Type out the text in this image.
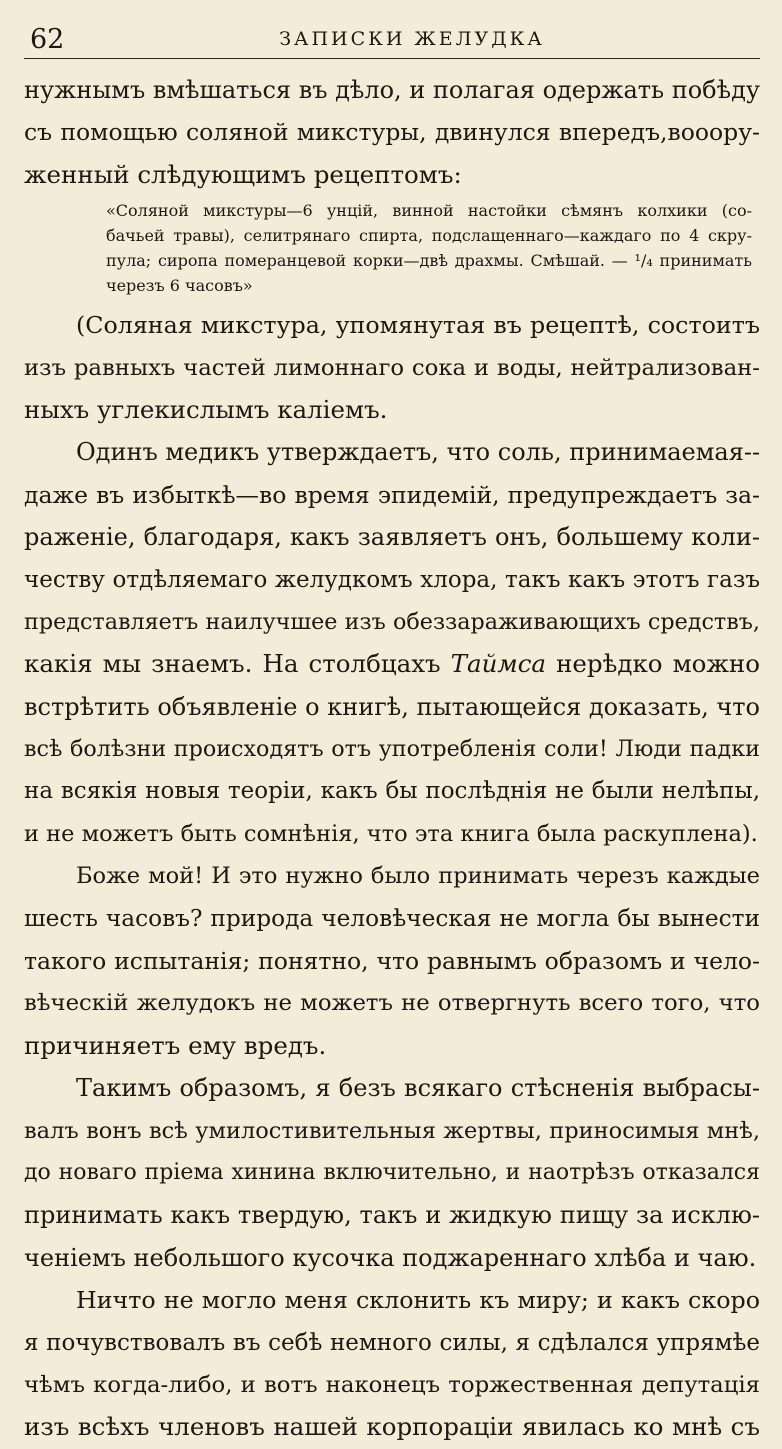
62	ЗАПИСКИ ЖЕЛУДКА
нужнымъ вмѣшаться въ дѣло, и полагая одержать побѣду
съ помощью соляной микстуры, двинулся впередъ,вооору-
женный слѣдующимъ рецептомъ:
«Соляной микстуры—6 унцій, винной настойки сѣмянъ колхики (со-
бачьей травы), селитрянаго спирта, подслащеннаго—каждаго по 4 скру-
пула; сиропа померанцевой корки—двѣ драхмы. Смѣшай. — ¹/₄ принимать
черезъ 6 часовъ»
(Соляная микстура, упомянутая въ рецептѣ, состоитъ
изъ равныхъ частей лимоннаго сока и воды, нейтрализован-
ныхъ углекислымъ каліемъ.
Одинъ медикъ утверждаетъ, что соль, принимаемая--
даже въ избыткѣ—во время эпидемій, предупреждаетъ за-
раженіе, благодаря, какъ заявляетъ онъ, большему коли-
честву отдѣляемаго желудкомъ хлора, такъ какъ этотъ газъ
представляетъ наилучшее изъ обеззараживающихъ средствъ,
какія мы знаемъ. На столбцахъ Таймса нерѣдко можно
встрѣтить объявленіе о книгѣ, пытающейся доказать, что
всѣ болѣзни происходятъ отъ употребленія соли! Люди падки
на всякія новыя теоріи, какъ бы послѣднія не были нелѣпы,
и не можетъ быть сомнѣнія, что эта книга была раскуплена).
Боже мой! И это нужно было принимать черезъ каждые
шесть часовъ? природа человѣческая не могла бы вынести
такого испытанія; понятно, что равнымъ образомъ и чело-
вѣческій желудокъ не можетъ не отвергнуть всего того, что
причиняетъ ему вредъ.
Такимъ образомъ, я безъ всякаго стѣсненія выбрасы-
валъ вонъ всѣ умилостивительныя жертвы, приносимыя мнѣ,
до новаго пріема хинина включительно, и наотрѣзъ отказался
принимать какъ твердую, такъ и жидкую пищу за исклю-
ченіемъ небольшого кусочка поджареннаго хлѣба и чаю.
Ничто не могло меня склонить къ миру; и какъ скоро
я почувствовалъ въ себѣ немного силы, я сдѣлался упрямѣе
чѣмъ когда-либо, и вотъ наконецъ торжественная депутація
изъ всѣхъ членовъ нашей корпораціи явилась ко мнѣ съ
